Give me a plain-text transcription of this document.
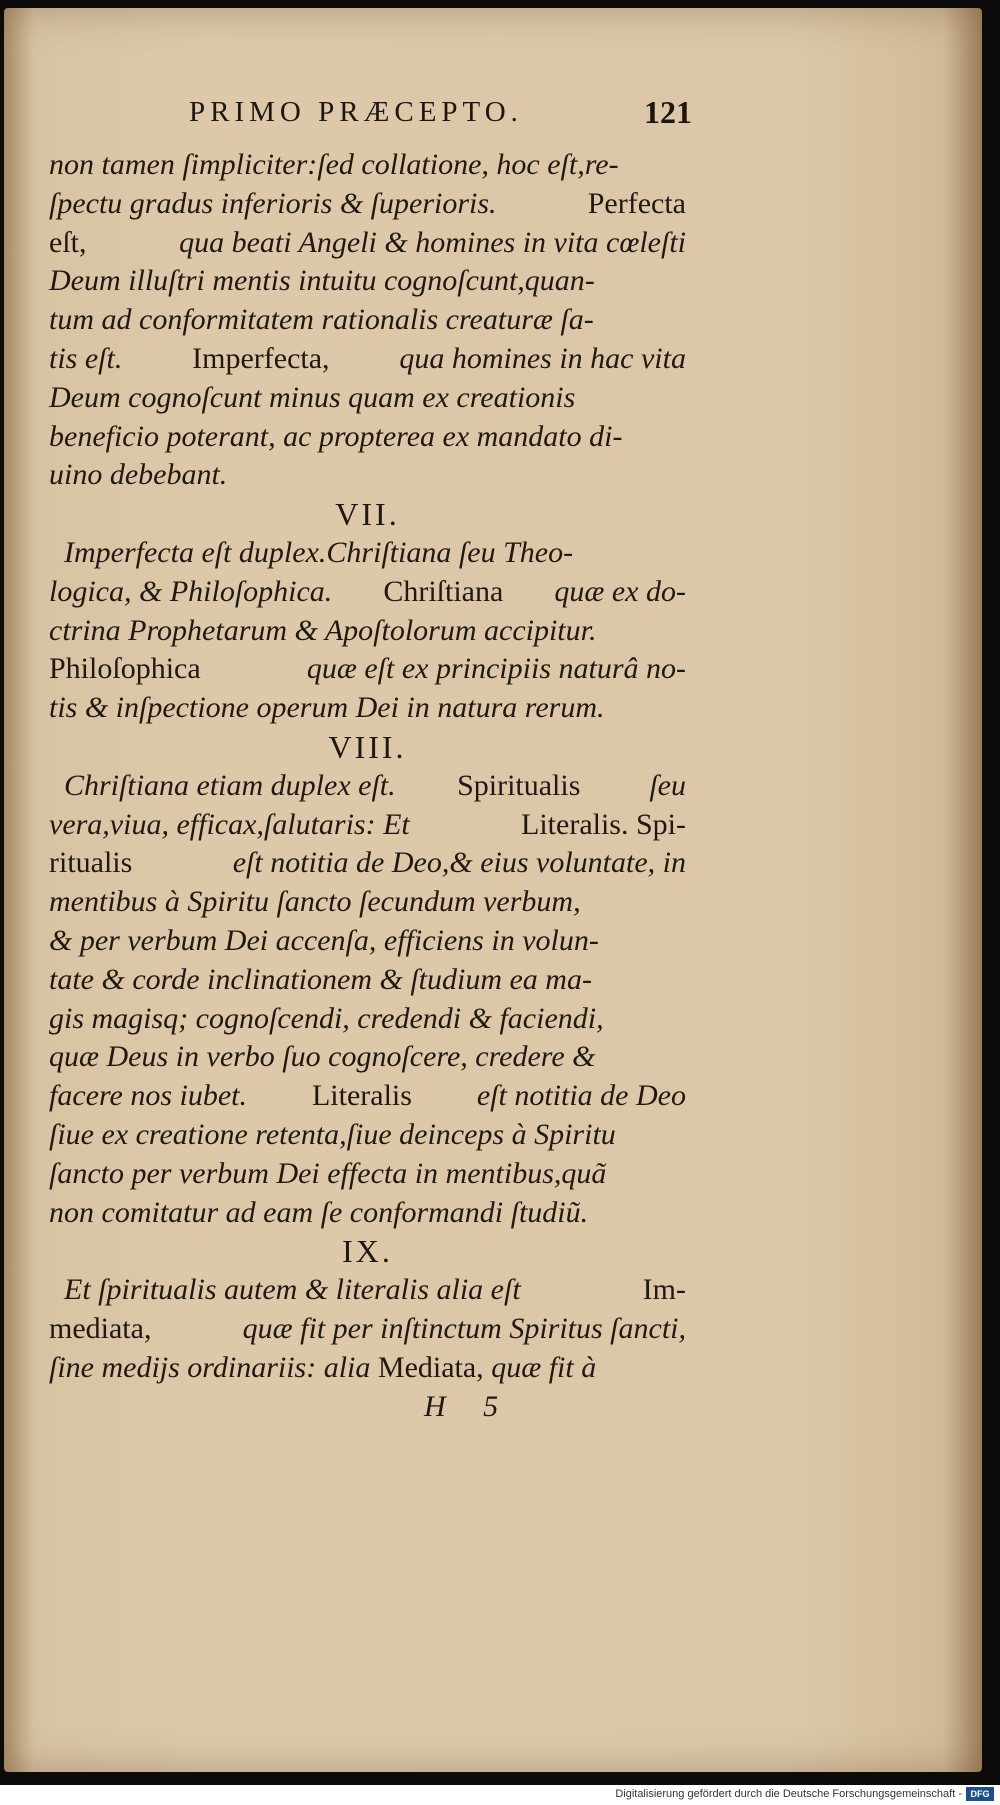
PRIMO PRÆCEPTO.	121
non tamen ſimpliciter:ſed collatione, hoc eſt,re-
ſpectu gradus inferioris & ſuperioris.	Perfecta
eſt,	qua beati Angeli & homines in vita cœleſti
Deum illuſtri mentis intuitu cognoſcunt,quan-
tum ad conformitatem rationalis creaturæ ſa-
tis eſt. Imperfecta, qua homines in hac vita
Deum cognoſcunt minus quam ex creationis
beneficio poterant, ac propterea ex mandato di-
uino debebant.
VII.
Imperfecta eſt duplex.Chriſtiana ſeu Theo-
logica, & Philoſophica. Chriſtiana quæ ex do-
ctrina Prophetarum & Apoſtolorum accipitur.
Philoſophica	quæ eſt ex principiis naturâ no-
tis & inſpectione operum Dei in natura rerum.
VIII.
Chriſtiana etiam duplex eſt. Spiritualis ſeu
vera,viua, efficax,ſalutaris: Et	Literalis. Spi-
ritualis	eſt notitia de Deo,& eius voluntate, in
mentibus à Spiritu ſancto ſecundum verbum,
& per verbum Dei accenſa, efficiens in volun-
tate & corde inclinationem & ſtudium ea ma-
gis magisq; cognoſcendi, credendi & faciendi,
quæ Deus in verbo ſuo cognoſcere, credere &
facere nos iubet. Literalis eſt notitia de Deo
ſiue ex creatione retenta,ſiue deinceps à Spiritu
ſancto per verbum Dei effecta in mentibus,quã
non comitatur ad eam ſe conformandi ſtudiũ.
IX.
Et ſpiritualis autem & literalis alia eſt	Im-
mediata,	quæ fit per inſtinctum Spiritus ſancti,
ſine medijs ordinariis: alia Mediata, quæ fit à
H 5
Digitalisierung gefördert durch die Deutsche Forschungsgemeinschaft - DFG
